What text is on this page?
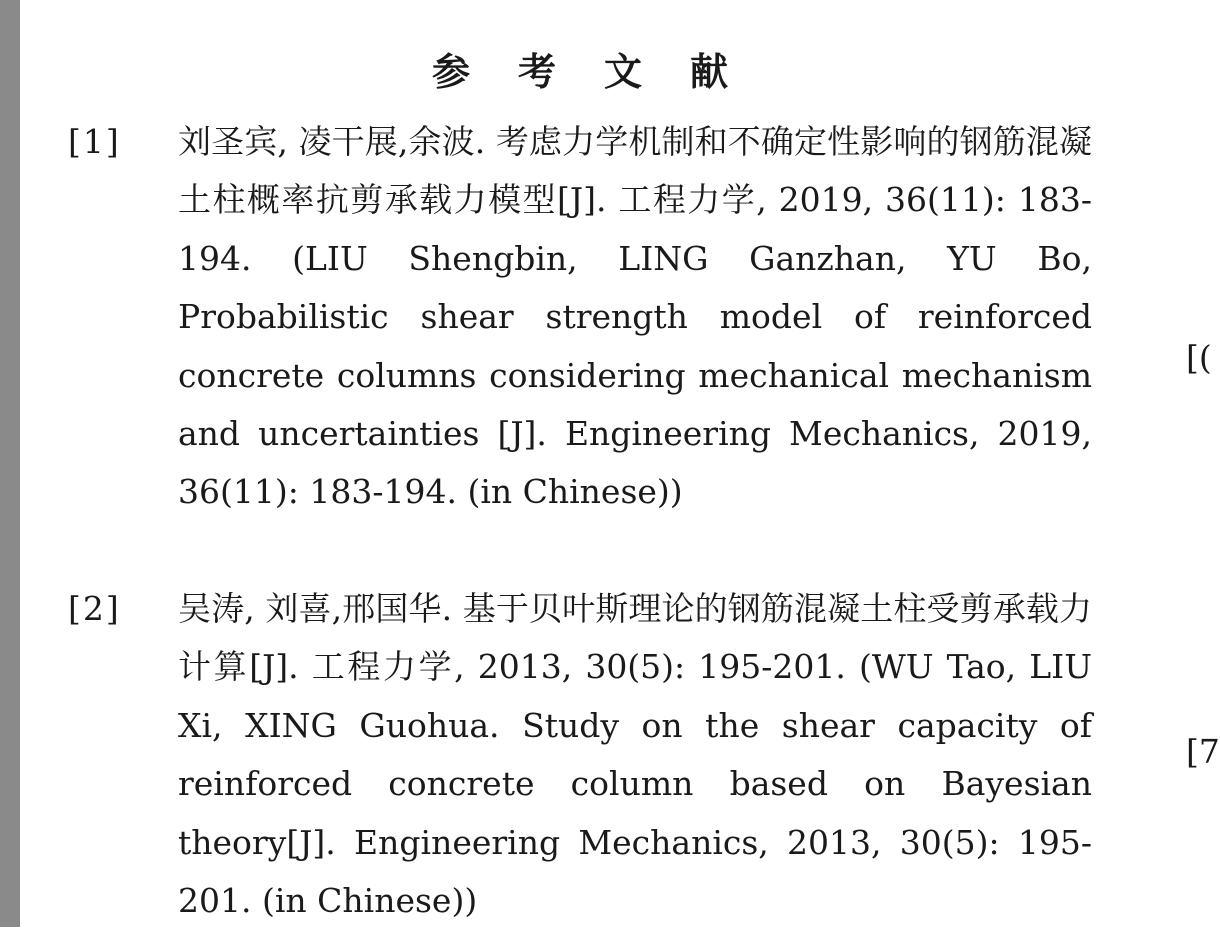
参考文献
[1] 刘圣宾, 凌干展,余波. 考虑力学机制和不确定性影响的钢筋混凝土柱概率抗剪承载力模型[J]. 工程力学, 2019, 36(11): 183-194. (LIU Shengbin, LING Ganzhan, YU Bo, Probabilistic shear strength model of reinforced concrete columns considering mechanical mechanism and uncertainties [J]. Engineering Mechanics, 2019, 36(11): 183-194. (in Chinese))

[2] 吴涛, 刘喜,邢国华. 基于贝叶斯理论的钢筋混凝土柱受剪承载力计算[J]. 工程力学, 2013, 30(5): 195-201. (WU Tao, LIU Xi, XING Guohua. Study on the shear capacity of reinforced concrete column based on Bayesian theory[J]. Engineering Mechanics, 2013, 30(5): 195-201. (in Chinese))

[(
[7
